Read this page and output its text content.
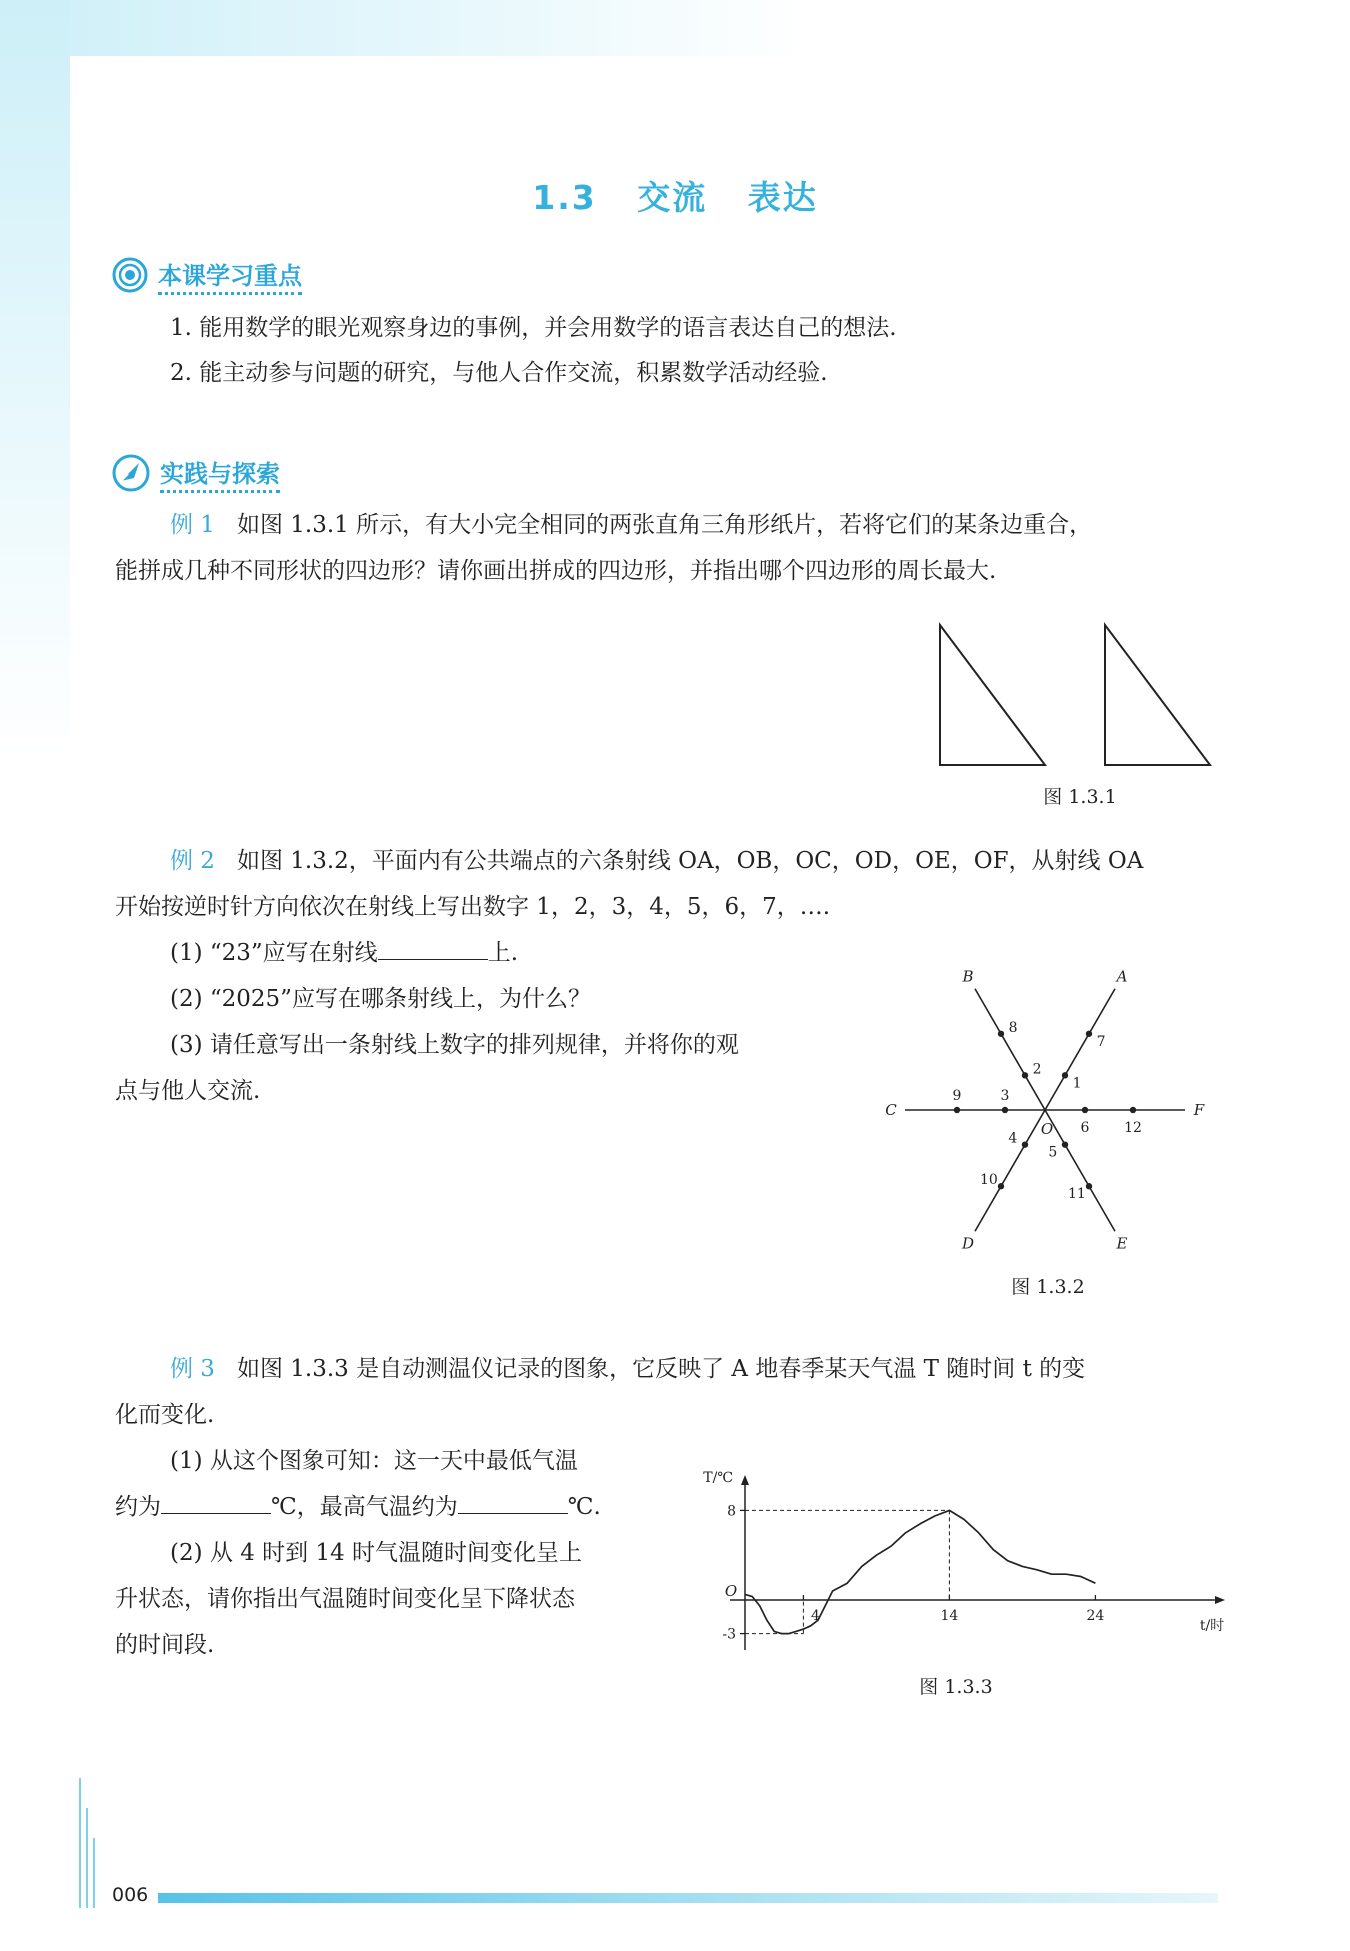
1.3   交流   表达
本课学习重点
1. 能用数学的眼光观察身边的事例，并会用数学的语言表达自己的想法.
2. 能主动参与问题的研究，与他人合作交流，积累数学活动经验.
实践与探索
例 1 如图 1.3.1 所示，有大小完全相同的两张直角三角形纸片，若将它们的某条边重合，
能拼成几种不同形状的四边形？请你画出拼成的四边形，并指出哪个四边形的周长最大.
图 1.3.1
例 2 如图 1.3.2，平面内有公共端点的六条射线 OA，OB，OC，OD，OE，OF，从射线 OA
开始按逆时针方向依次在射线上写出数字 1，2，3，4，5，6，7，….
(1) “23”应写在射线	上.
(2) “2025”应写在哪条射线上，为什么？
(3) 请任意写出一条射线上数字的排列规律，并将你的观
点与他人交流.
A
B
C
D	E
F
O
1
2
3
4
5
6
7
8
9
10
11
12
图 1.3.2
例 3 如图 1.3.3 是自动测温仪记录的图象，它反映了 A 地春季某天气温 T 随时间 t 的变
化而变化.
(1) 从这个图象可知：这一天中最低气温
约为	℃，最高气温约为	℃.
(2) 从 4 时到 14 时气温随时间变化呈上
升状态，请你指出气温随时间变化呈下降状态
的时间段.
T/℃
t/时
O
8
-3
4	14	24
图 1.3.3
006
